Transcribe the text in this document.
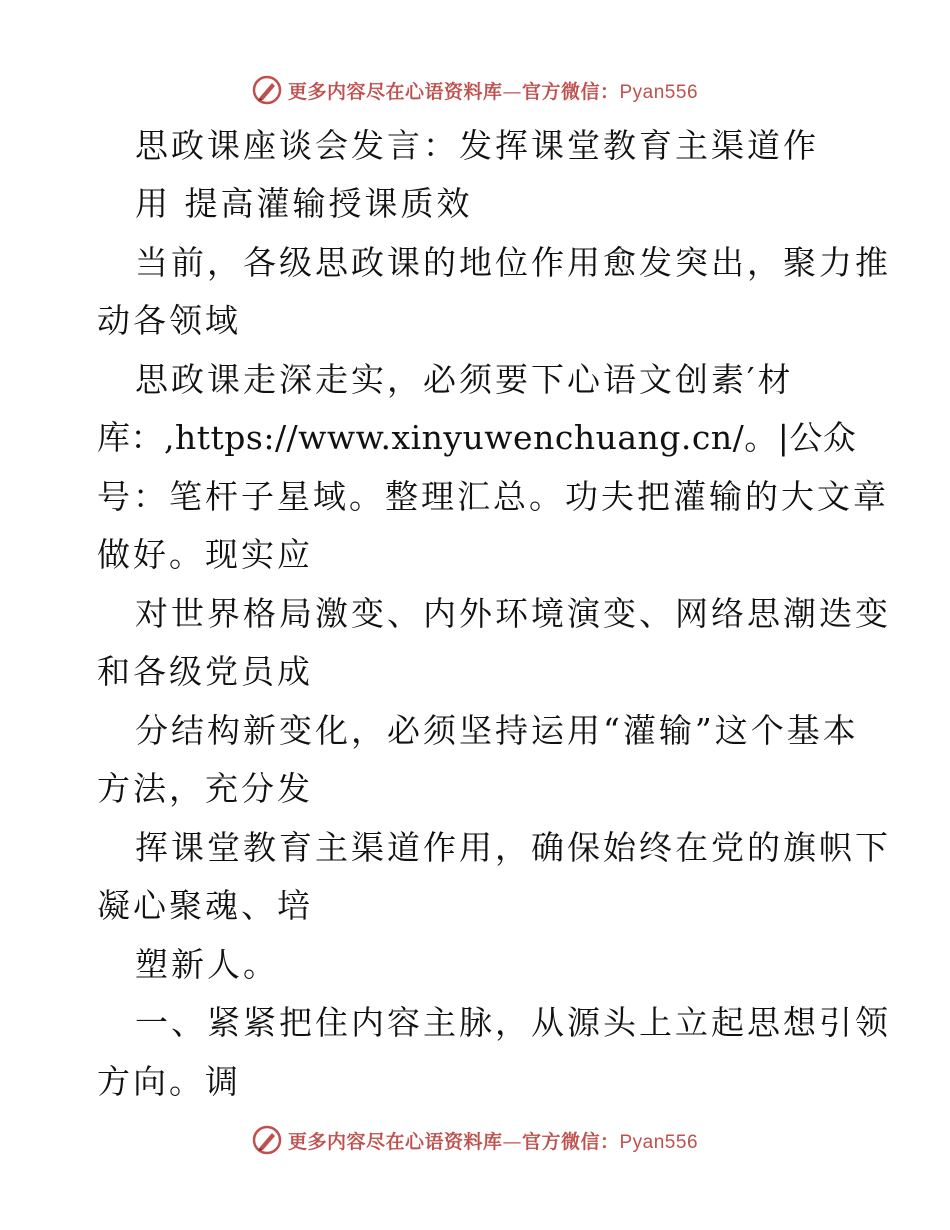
更多内容尽在心语资料库—官方微信：Pyan556
思政课座谈会发言：发挥课堂教育主渠道作
用 提高灌输授课质效
当前，各级思政课的地位作用愈发突出，聚力推
动各领域
思政课走深走实，必须要下心语文创素′材
库：,https://www.xinyuwenchuang.cn/。|公众
号：笔杆子星域。整理汇总。功夫把灌输的大文章
做好。现实应
对世界格局激变、内外环境演变、网络思潮迭变
和各级党员成
分结构新变化，必须坚持运用“灌输”这个基本
方法，充分发
挥课堂教育主渠道作用，确保始终在党的旗帜下
凝心聚魂、培
塑新人。
一、紧紧把住内容主脉，从源头上立起思想引领
方向。调
更多内容尽在心语资料库—官方微信：Pyan556
